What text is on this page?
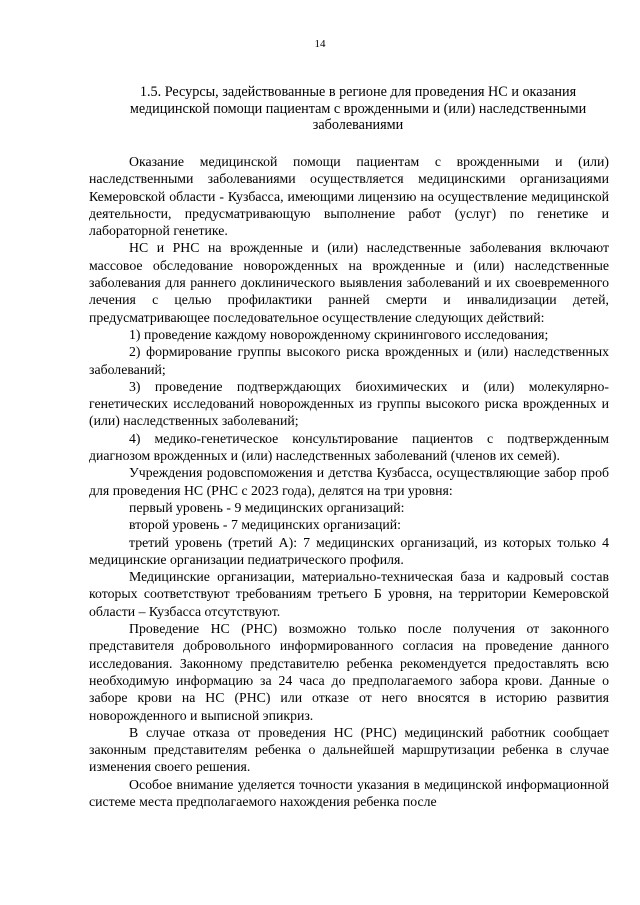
14
1.5. Ресурсы, задействованные в регионе для проведения НС и оказания медицинской помощи пациентам с врожденными и (или) наследственными заболеваниями

Оказание медицинской помощи пациентам с врожденными и (или) наследственными заболеваниями осуществляется медицинскими организациями Кемеровской области - Кузбасса, имеющими лицензию на осуществление медицинской деятельности, предусматривающую выполнение работ (услуг) по генетике и лабораторной генетике.

НС и РНС на врожденные и (или) наследственные заболевания включают массовое обследование новорожденных на врожденные и (или) наследственные заболевания для раннего доклинического выявления заболеваний и их своевременного лечения с целью профилактики ранней смерти и инвалидизации детей, предусматривающее последовательное осуществление следующих действий:

1) проведение каждому новорожденному скринингового исследования;

2) формирование группы высокого риска врожденных и (или) наследственных заболеваний;

3) проведение подтверждающих биохимических и (или) молекулярно-генетических исследований новорожденных из группы высокого риска врожденных и (или) наследственных заболеваний;

4) медико-генетическое консультирование пациентов с подтвержденным диагнозом врожденных и (или) наследственных заболеваний (членов их семей).

Учреждения родовспоможения и детства Кузбасса, осуществляющие забор проб для проведения НС (РНС с 2023 года), делятся на три уровня:

первый уровень - 9 медицинских организаций:

второй уровень - 7 медицинских организаций:

третий уровень (третий А): 7 медицинских организаций, из которых только 4 медицинские организации педиатрического профиля.

Медицинские организации, материально-техническая база и кадровый состав которых соответствуют требованиям третьего Б уровня, на территории Кемеровской области – Кузбасса отсутствуют.

Проведение НС (РНС) возможно только после получения от законного представителя добровольного информированного согласия на проведение данного исследования. Законному представителю ребенка рекомендуется предоставлять всю необходимую информацию за 24 часа до предполагаемого забора крови. Данные о заборе крови на НС (РНС) или отказе от него вносятся в историю развития новорожденного и выписной эпикриз.

В случае отказа от проведения НС (РНС) медицинский работник сообщает законным представителям ребенка о дальнейшей маршрутизации ребенка в случае изменения своего решения.

Особое внимание уделяется точности указания в медицинской информационной системе места предполагаемого нахождения ребенка после
